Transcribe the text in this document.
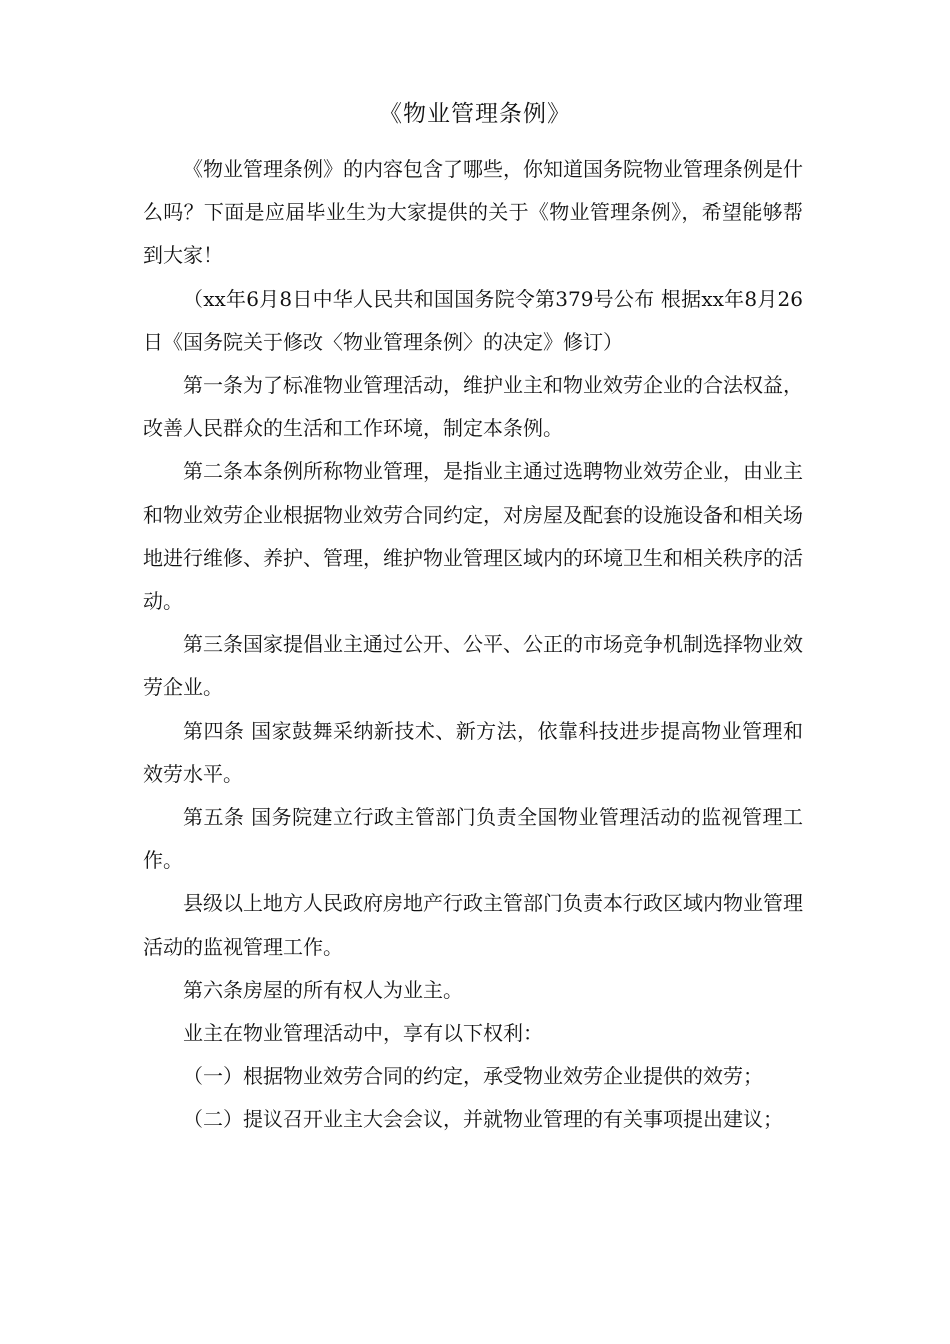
《物业管理条例》

《物业管理条例》的内容包含了哪些，你知道国务院物业管理条例是什么吗？下面是应届毕业生为大家提供的关于《物业管理条例》，希望能够帮到大家！

（xx年6月8日中华人民共和国国务院令第379号公布 根据xx年8月26日《国务院关于修改〈物业管理条例〉的决定》修订）

第一条为了标准物业管理活动，维护业主和物业效劳企业的合法权益，改善人民群众的生活和工作环境，制定本条例。

第二条本条例所称物业管理，是指业主通过选聘物业效劳企业，由业主和物业效劳企业根据物业效劳合同约定，对房屋及配套的设施设备和相关场地进行维修、养护、管理，维护物业管理区域内的环境卫生和相关秩序的活动。

第三条国家提倡业主通过公开、公平、公正的市场竞争机制选择物业效劳企业。

第四条 国家鼓舞采纳新技术、新方法，依靠科技进步提高物业管理和效劳水平。

第五条 国务院建立行政主管部门负责全国物业管理活动的监视管理工作。

县级以上地方人民政府房地产行政主管部门负责本行政区域内物业管理活动的监视管理工作。

第六条房屋的所有权人为业主。

业主在物业管理活动中，享有以下权利：

（一）根据物业效劳合同的约定，承受物业效劳企业提供的效劳；

（二）提议召开业主大会会议，并就物业管理的有关事项提出建议；
